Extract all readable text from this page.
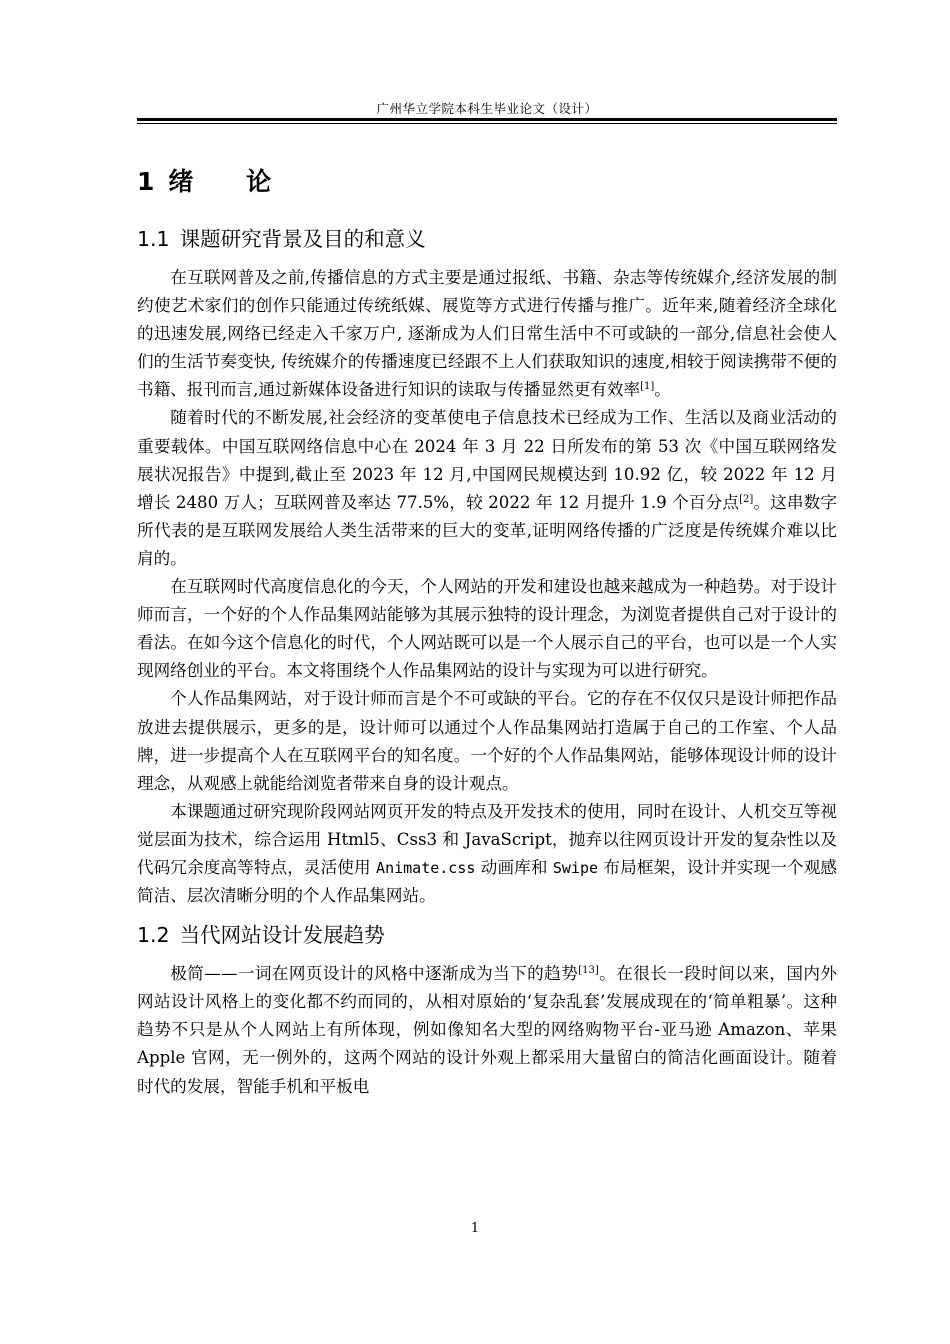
广州华立学院本科生毕业论文（设计）
1 绪 论
1.1 课题研究背景及目的和意义

在互联网普及之前,传播信息的方式主要是通过报纸、书籍、杂志等传统媒介,经济发展的制约使艺术家们的创作只能通过传统纸媒、展览等方式进行传播与推广。近年来,随着经济全球化的迅速发展,网络已经走入千家万户, 逐渐成为人们日常生活中不可或缺的一部分,信息社会使人们的生活节奏变快, 传统媒介的传播速度已经跟不上人们获取知识的速度,相较于阅读携带不便的书籍、报刊而言,通过新媒体设备进行知识的读取与传播显然更有效率[1]。

随着时代的不断发展,社会经济的变革使电子信息技术已经成为工作、生活以及商业活动的重要载体。中国互联网络信息中心在 2024 年 3 月 22 日所发布的第 53 次《中国互联网络发展状况报告》中提到,截止至 2023 年 12 月,中国网民规模达到 10.92 亿，较 2022 年 12 月增长 2480 万人；互联网普及率达 77.5%，较 2022 年 12 月提升 1.9 个百分点[2]。这串数字所代表的是互联网发展给人类生活带来的巨大的变革,证明网络传播的广泛度是传统媒介难以比肩的。

在互联网时代高度信息化的今天，个人网站的开发和建设也越来越成为一种趋势。对于设计师而言，一个好的个人作品集网站能够为其展示独特的设计理念，为浏览者提供自己对于设计的看法。在如今这个信息化的时代，个人网站既可以是一个人展示自己的平台，也可以是一个人实现网络创业的平台。本文将围绕个人作品集网站的设计与实现为可以进行研究。

个人作品集网站，对于设计师而言是个不可或缺的平台。它的存在不仅仅只是设计师把作品放进去提供展示，更多的是，设计师可以通过个人作品集网站打造属于自己的工作室、个人品牌，进一步提高个人在互联网平台的知名度。一个好的个人作品集网站，能够体现设计师的设计理念，从观感上就能给浏览者带来自身的设计观点。

本课题通过研究现阶段网站网页开发的特点及开发技术的使用，同时在设计、人机交互等视觉层面为技术，综合运用 Html5、Css3 和 JavaScript，抛弃以往网页设计开发的复杂性以及代码冗余度高等特点，灵活使用 Animate.css 动画库和 Swipe 布局框架，设计并实现一个观感简洁、层次清晰分明的个人作品集网站。

1.2 当代网站设计发展趋势

极简——一词在网页设计的风格中逐渐成为当下的趋势[13]。在很长一段时间以来，国内外网站设计风格上的变化都不约而同的，从相对原始的‘复杂乱套’发展成现在的‘简单粗暴’。这种趋势不只是从个人网站上有所体现，例如像知名大型的网络购物平台-亚马逊 Amazon、苹果 Apple 官网，无一例外的，这两个网站的设计外观上都采用大量留白的简洁化画面设计。随着时代的发展，智能手机和平板电

1
